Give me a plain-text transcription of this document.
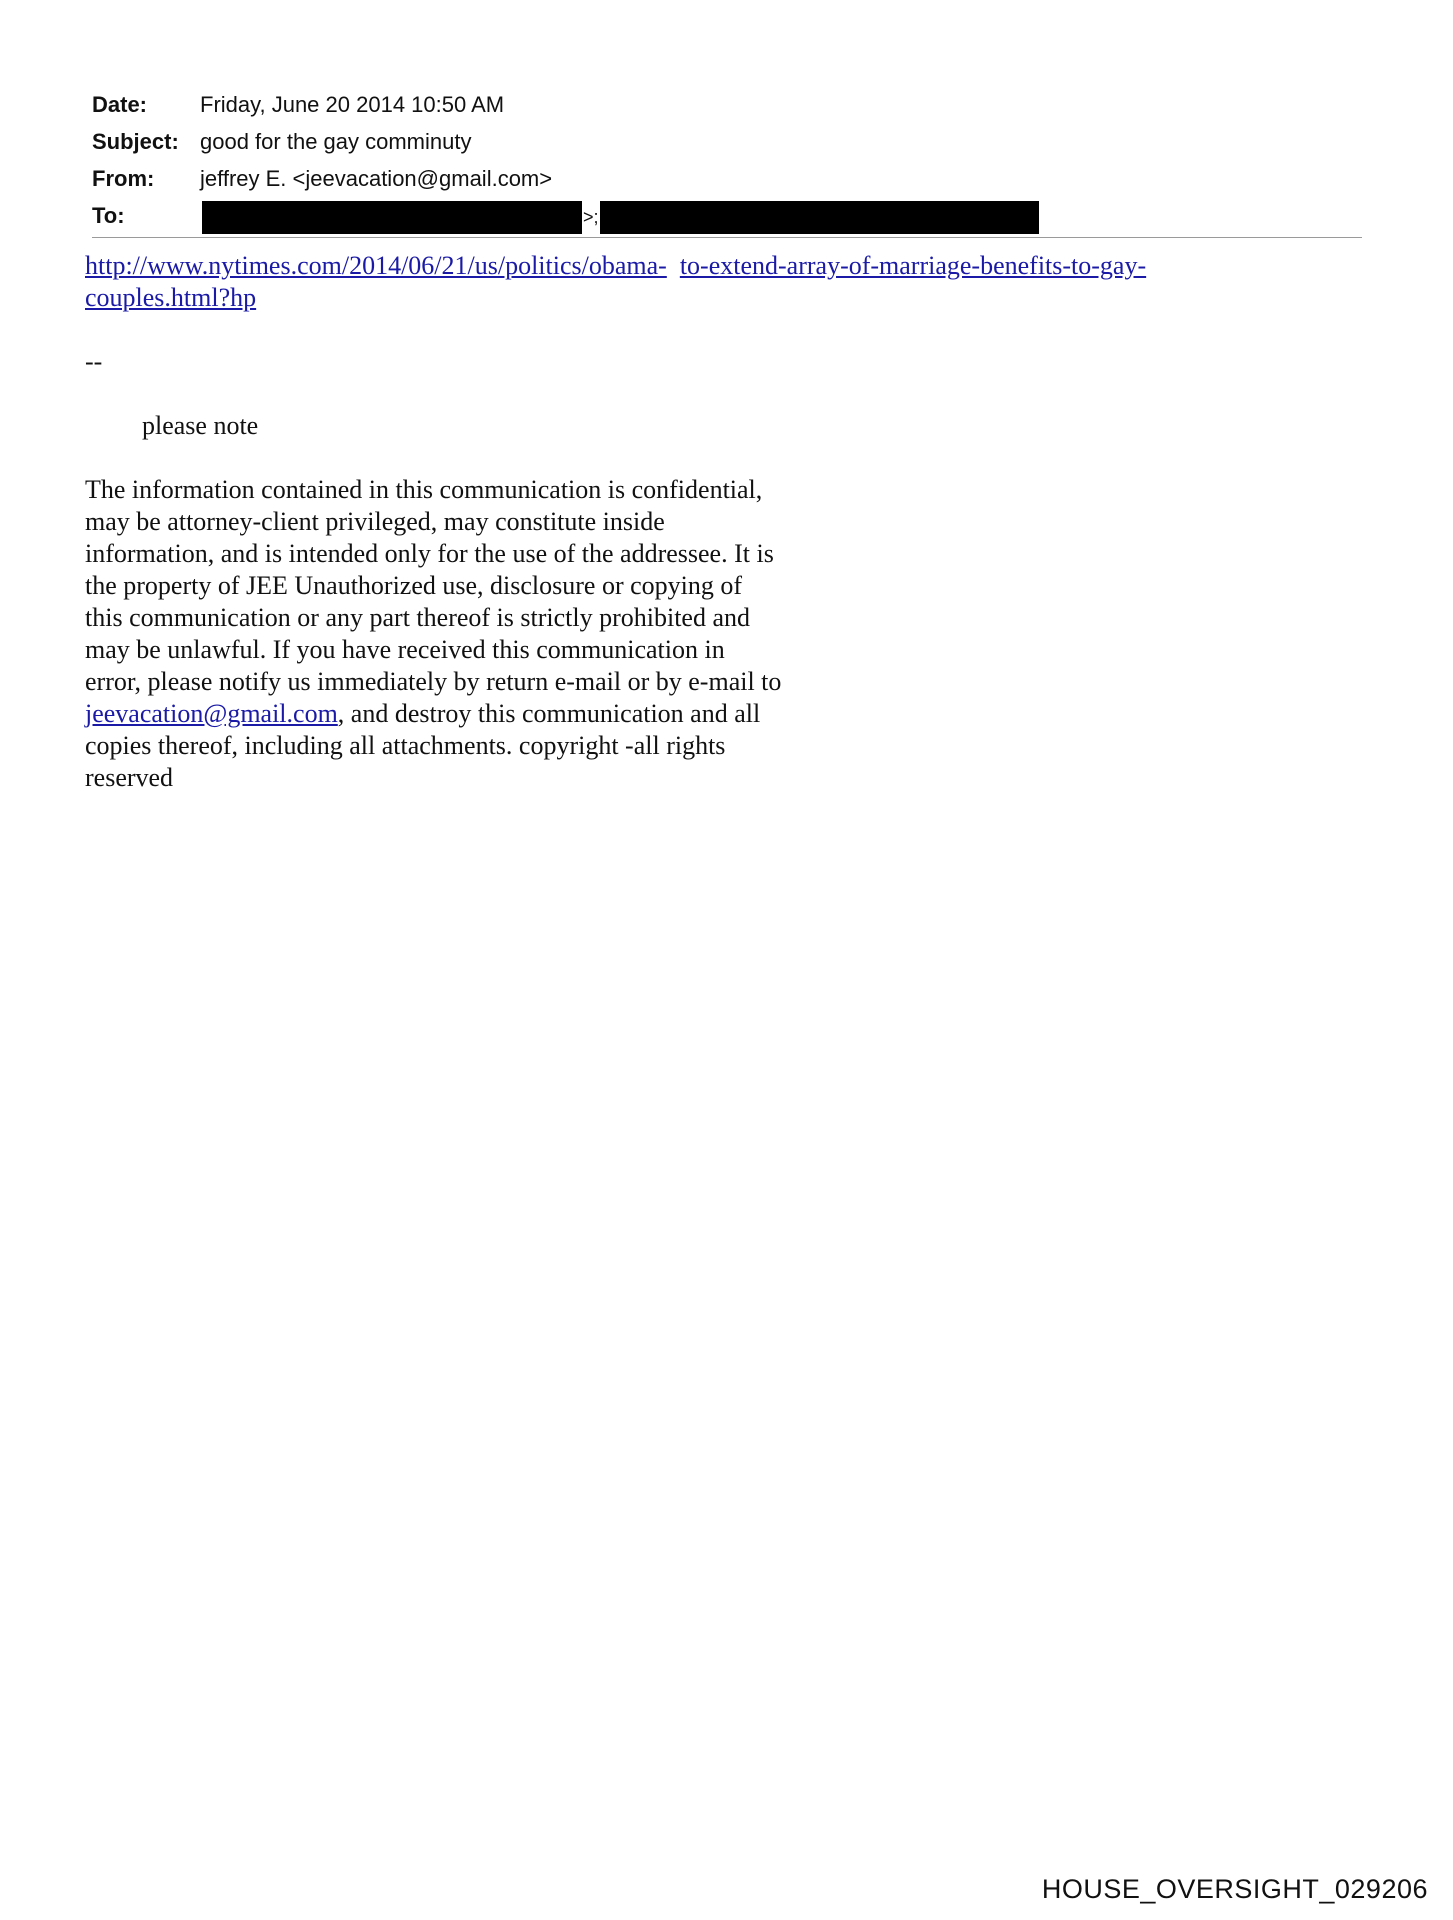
Date:	Friday, June 20 2014 10:50 AM
Subject: good for the gay comminuty
From:	jeffrey E. <jeevacation@gmail.com>
To:	>;
http://www.nytimes.com/2014/06/21/us/politics/obama- to-extend-array-of-marriage-benefits-to-gay-
couples.html?hp
--
please note
The information contained in this communication is confidential, may be attorney-client privileged, may constitute inside information, and is intended only for the use of the addressee. It is the property of JEE Unauthorized use, disclosure or copying of this communication or any part thereof is strictly prohibited and may be unlawful. If you have received this communication in error, please notify us immediately by return e-mail or by e-mail to jeevacation@gmail.com, and destroy this communication and all copies thereof, including all attachments. copyright -all rights reserved
HOUSE_OVERSIGHT_029206
